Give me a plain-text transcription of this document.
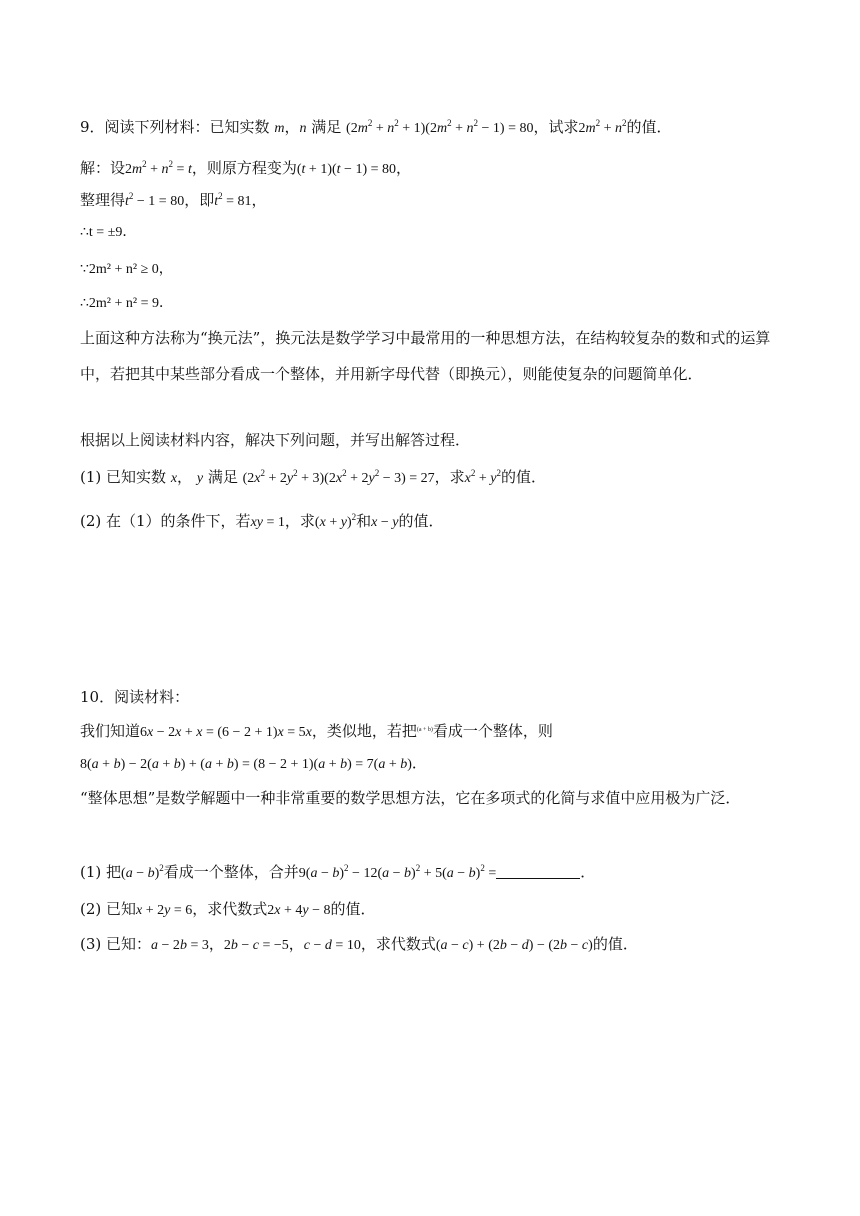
9．阅读下列材料：已知实数 m，n 满足 $(2m^2 + n^2 + 1)(2m^2 + n^2 - 1) = 80$，试求$2m^2 + n^2$的值．
解：设$2m^2 + n^2 = t$，则原方程变为(t + 1)(t − 1) = 80，
整理得$t^2 - 1 = 80$，即$t^2 = 81$，
∴t = ±9．
∵2m² + n² ≥ 0，
∴2m² + n² = 9．
上面这种方法称为“换元法”，换元法是数学学习中最常用的一种思想方法，在结构较复杂的数和式的运算中，若把其中某些部分看成一个整体，并用新字母代替（即换元），则能使复杂的问题简单化．
根据以上阅读材料内容，解决下列问题，并写出解答过程．
(1) 已知实数 x， y 满足 $(2x^2 + 2y^2 + 3)(2x^2 + 2y^2 - 3) = 27$，求$x^2 + y^2$的值．
(2) 在（1）的条件下，若xy = 1，求$(x + y)^2$和x − y的值．
10．阅读材料：
我们知道6x − 2x + x = (6 − 2 + 1)x = 5x，类似地，若把$^{(a + b)}$看成一个整体，则
8(a + b) − 2(a + b) + (a + b) = (8 − 2 + 1)(a + b) = 7(a + b)．
“整体思想”是数学解题中一种非常重要的数学思想方法，它在多项式的化简与求值中应用极为广泛．
(1) 把$(a - b)^2$看成一个整体，合并$9(a - b)^2 - 12(a - b)^2 + 5(a - b)^2$ =	．
(2) 已知x + 2y = 6，求代数式2x + 4y − 8的值．
(3) 已知：a − 2b = 3，2b − c = −5，c − d = 10，求代数式(a − c) + (2b − d) − (2b − c)的值．
